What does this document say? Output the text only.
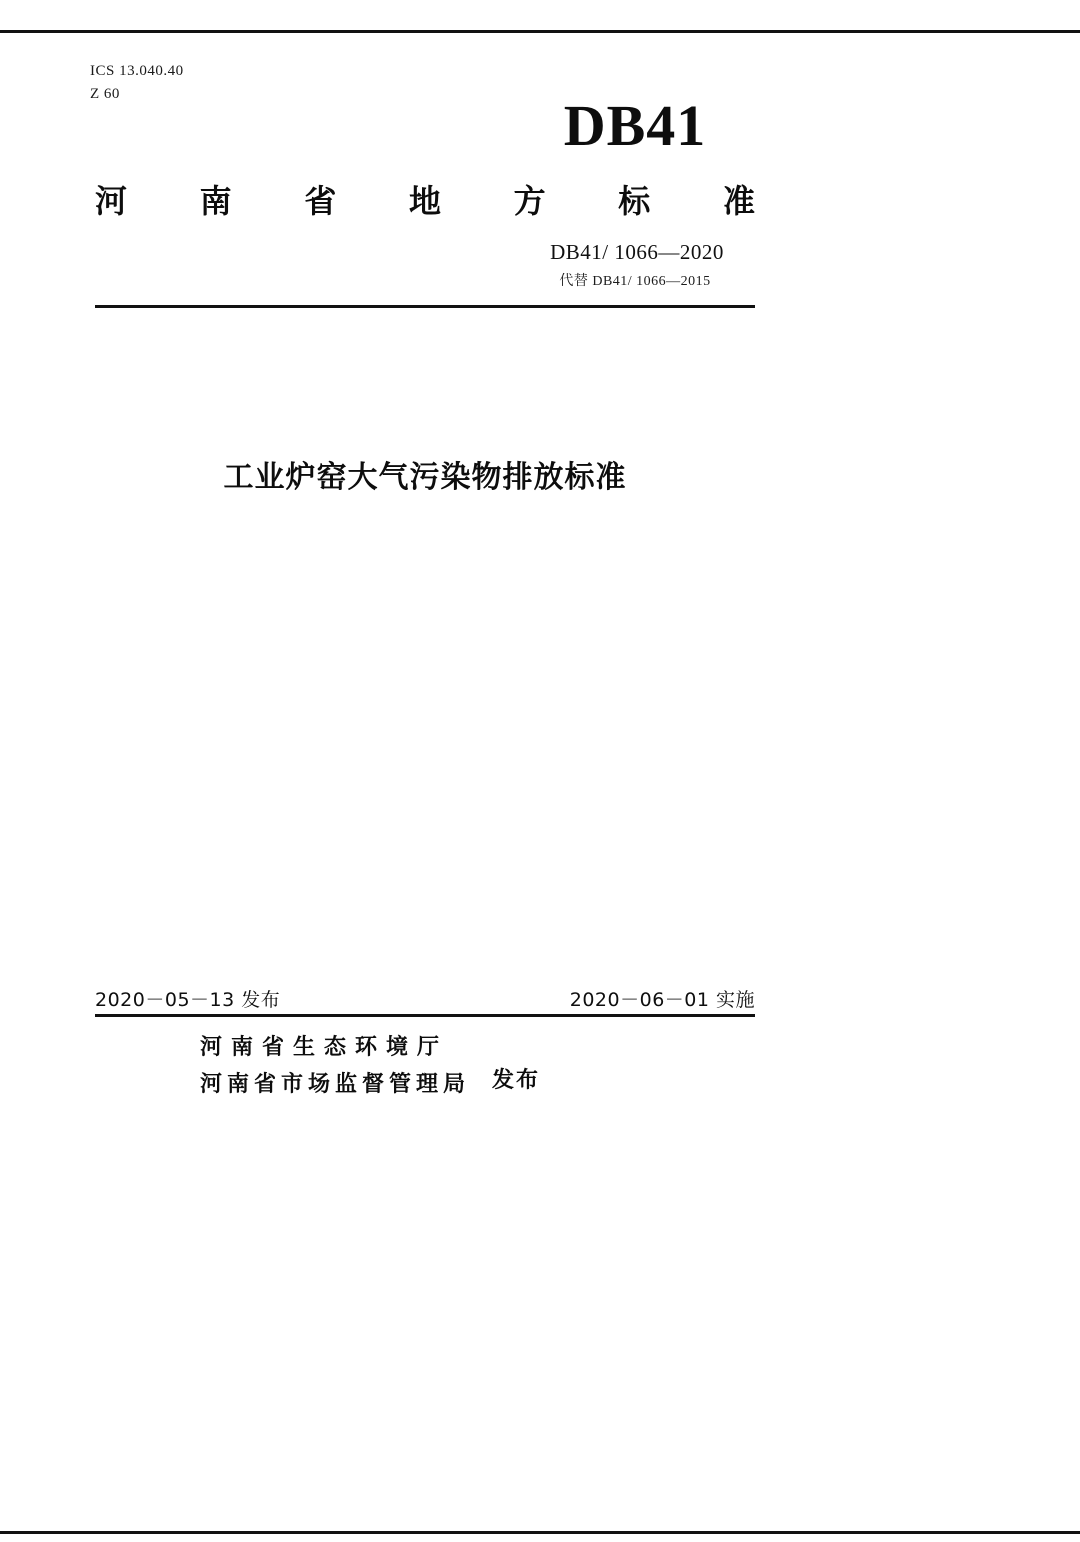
ICS 13.040.40
Z 60	DB41
河 南 省 地 方 标 准
DB41/ 1066—2020
代替 DB41/ 1066—2015
工业炉窑大气污染物排放标准
2020－05－13 发布	2020－06－01 实施
河南省生态环境厅
河南省市场监督管理局 发布
